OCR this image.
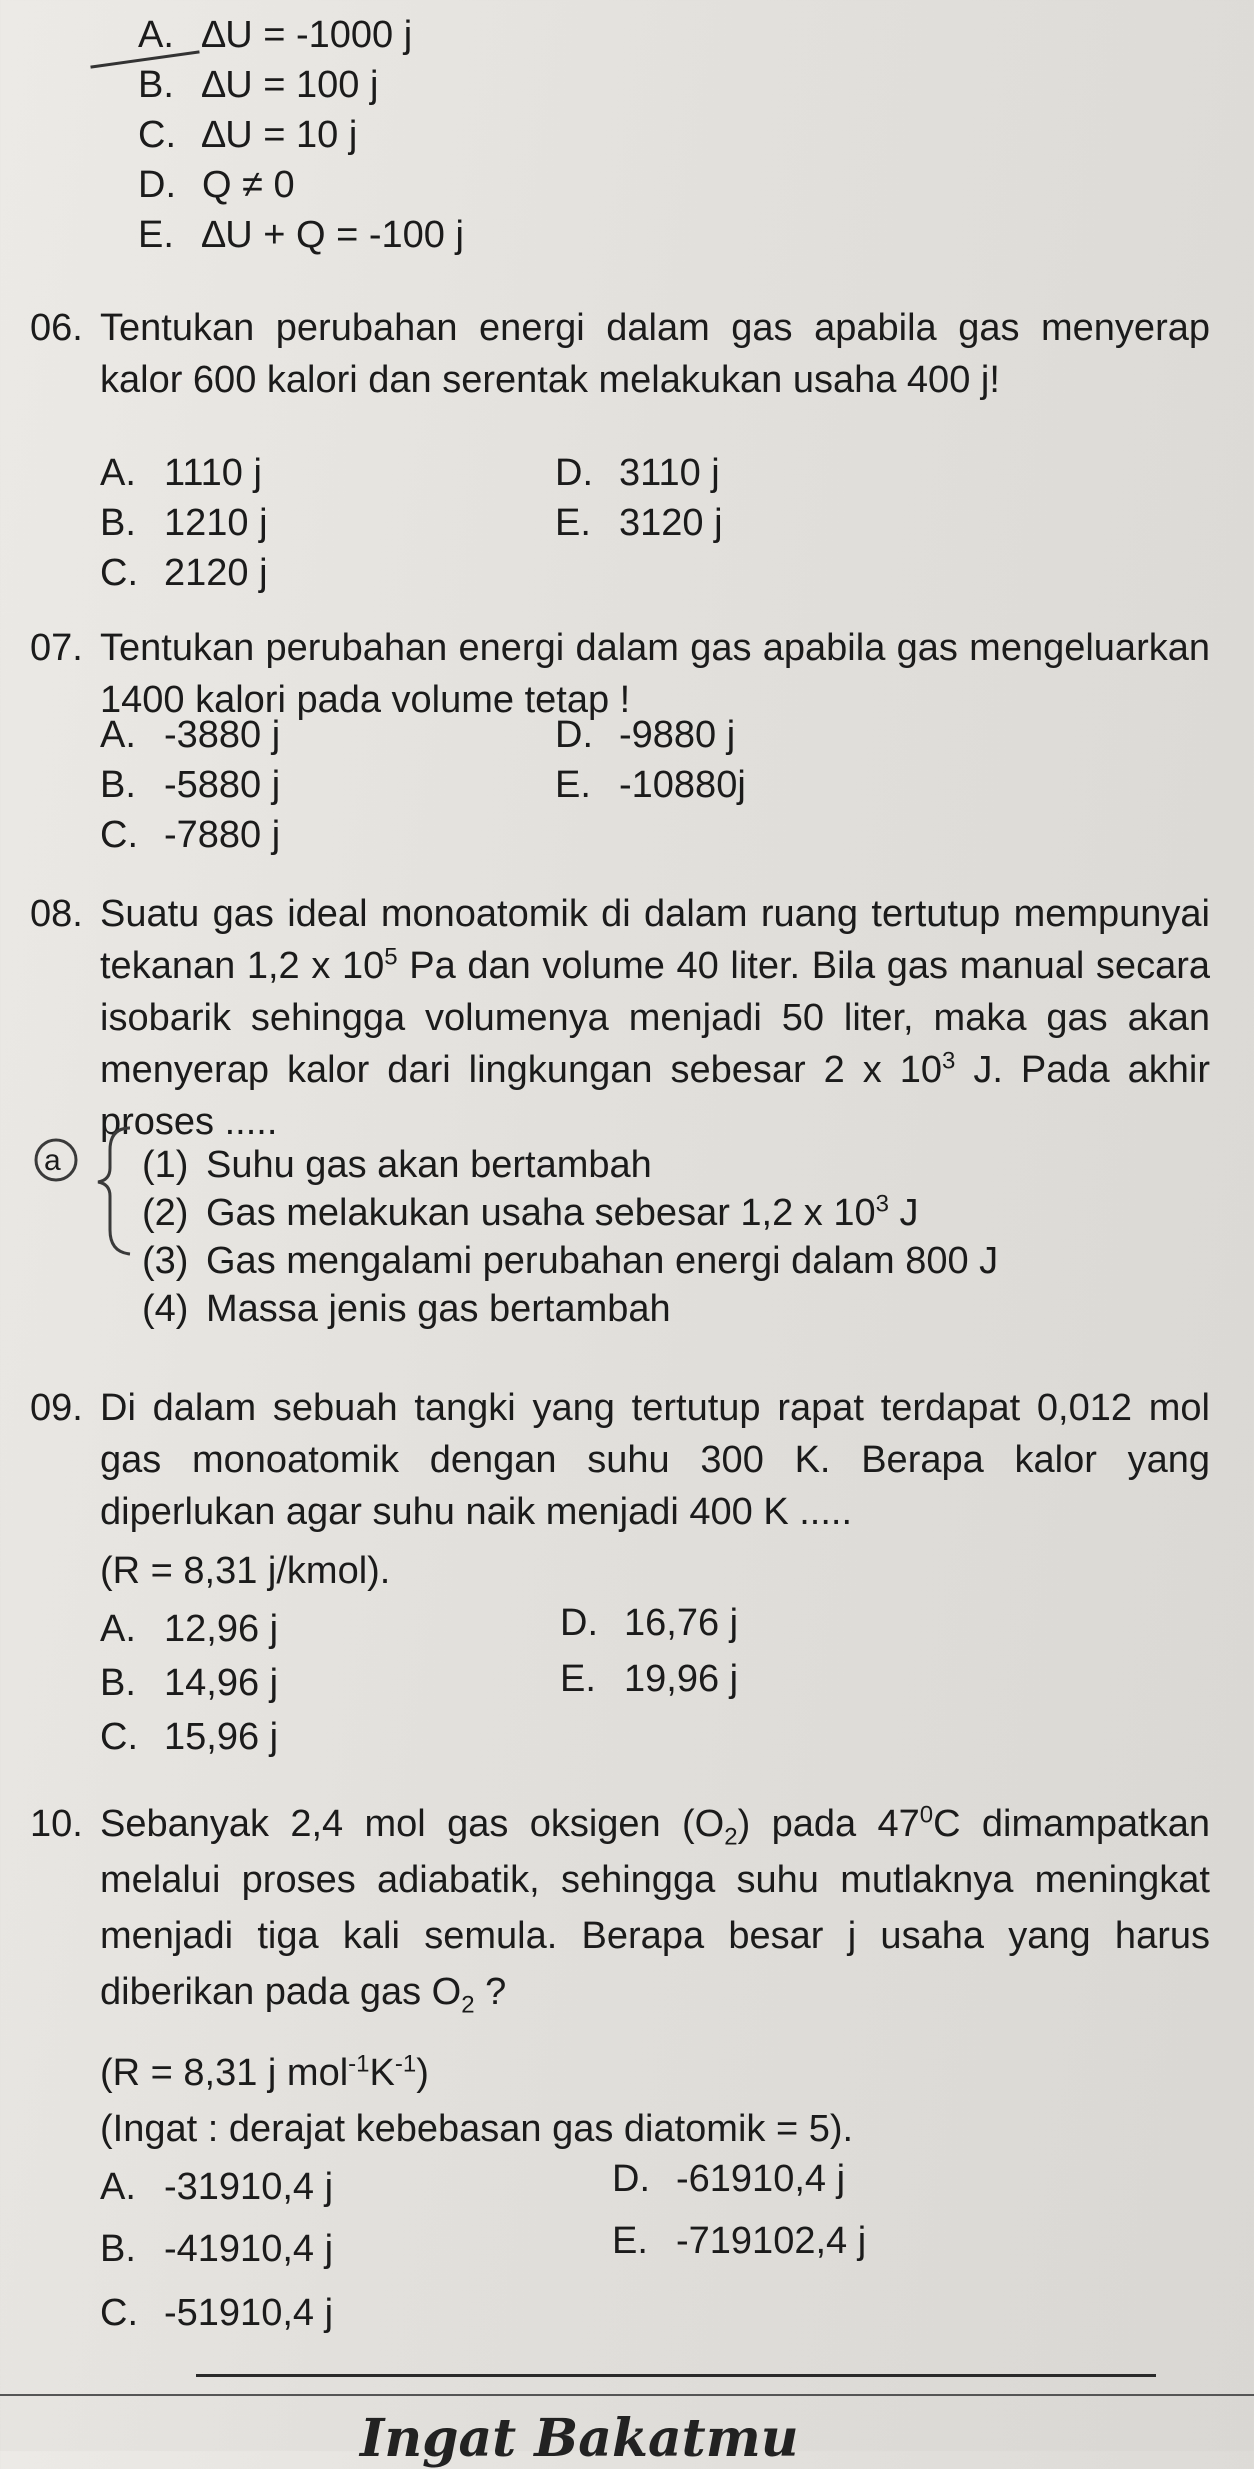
A. ∆U = -1000 j
B. ∆U = 100 j
C. ∆U = 10 j
D. Q ≠ 0
E. ∆U + Q = -100 j
06. Tentukan perubahan energi dalam gas apabila gas menyerap kalor 600 kalori dan serentak melakukan usaha 400 j!
A. 1110 j
B. 1210 j
C. 2120 j
D. 3110 j
E. 3120 j
07. Tentukan perubahan energi dalam gas apabila gas mengeluarkan 1400 kalori pada volume tetap !
A. -3880 j
B. -5880 j
C. -7880 j
D. -9880 j
E. -10880j
08. Suatu gas ideal monoatomik di dalam ruang tertutup mempunyai tekanan 1,2 x $10^5$ Pa dan volume 40 liter. Bila gas manual secara isobarik sehingga volumenya menjadi 50 liter, maka gas akan menyerap kalor dari lingkungan sebesar 2 x $10^3$ J. Pada akhir proses .....
a (1) Suhu gas akan bertambah
(2) Gas melakukan usaha sebesar 1,2 x $10^3$ J
(3) Gas mengalami perubahan energi dalam 800 J
(4) Massa jenis gas bertambah
09. Di dalam sebuah tangki yang tertutup rapat terdapat 0,012 mol gas monoatomik dengan suhu 300 K. Berapa kalor yang diperlukan agar suhu naik menjadi 400 K .....
(R = 8,31 j/kmol).
A. 12,96 j
B. 14,96 j
C. 15,96 j
D. 16,76 j
E. 19,96 j
10. Sebanyak 2,4 mol gas oksigen $(O_2)$ pada $47^0C$ dimampatkan melalui proses adiabatik, sehingga suhu mutlaknya meningkat menjadi tiga kali semula. Berapa besar j usaha yang harus diberikan pada gas $O_2$ ?
(R = 8,31 j $mol^{-1}K^{-1}$)
(Ingat : derajat kebebasan gas diatomik = 5).
A. -31910,4 j
B. -41910,4 j
C. -51910,4 j
D. -61910,4 j
E. -719102,4 j
Ingat Bakatmu
